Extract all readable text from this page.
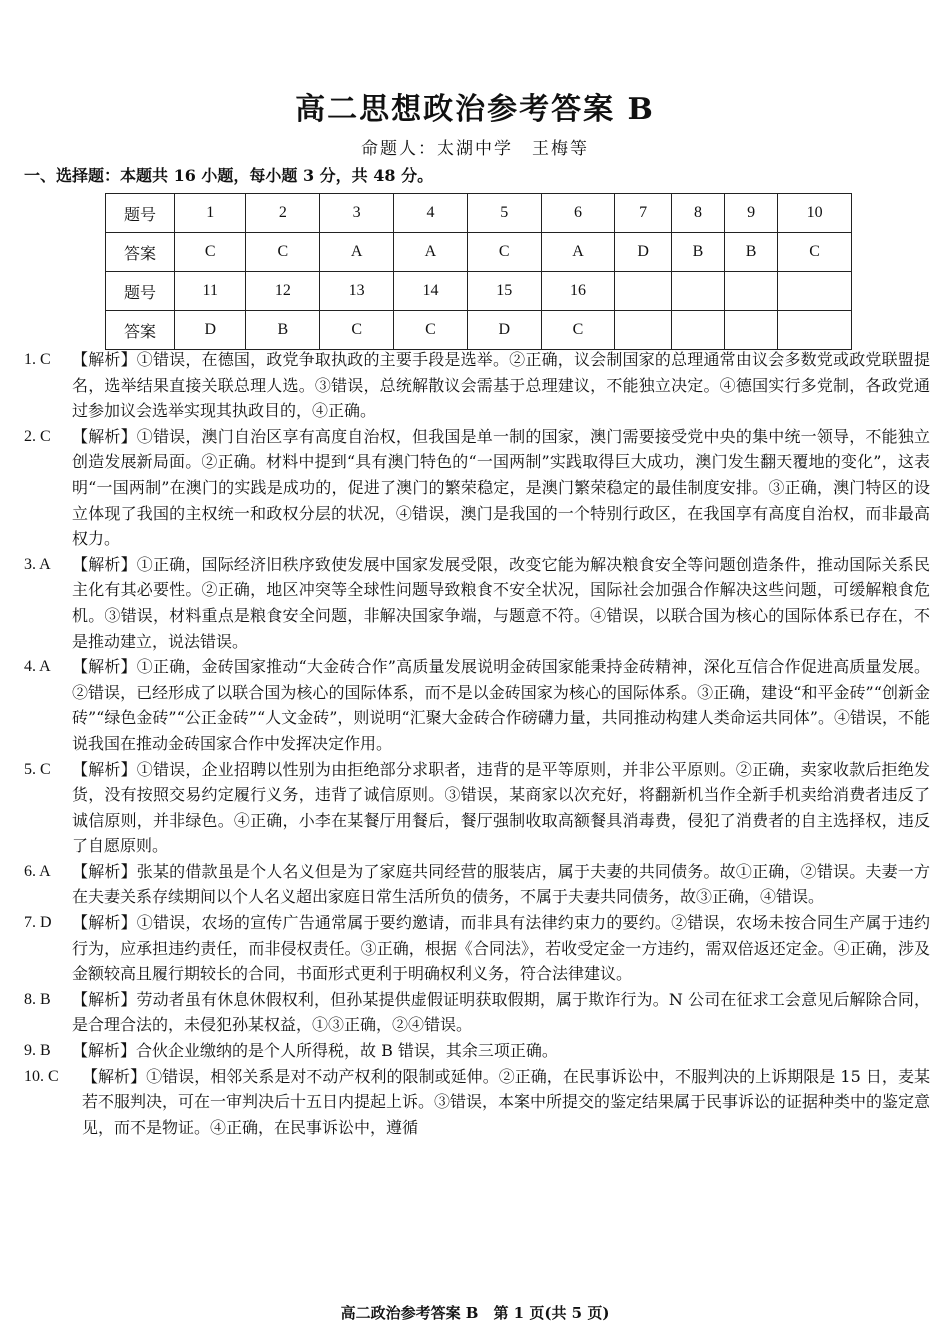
高二思想政治参考答案 B
命题人：太湖中学　王梅等
一、选择题：本题共 16 小题，每小题 3 分，共 48 分。
题号	1	2	3	4	5	6	7	8	9	10
答案	C	C	A	A	C	A	D	B	B	C
题号	11	12	13	14	15	16				
答案	D	B	C	C	D	C				
1. C	【解析】①错误，在德国，政党争取执政的主要手段是选举。②正确，议会制国家的总理通常由议会多数党或政党联盟提名，选举结果直接关联总理人选。③错误，总统解散议会需基于总理建议，不能独立决定。④德国实行多党制，各政党通过参加议会选举实现其执政目的，④正确。
2. C	【解析】①错误，澳门自治区享有高度自治权，但我国是单一制的国家，澳门需要接受党中央的集中统一领导，不能独立创造发展新局面。②正确。材料中提到“具有澳门特色的“一国两制”实践取得巨大成功，澳门发生翻天覆地的变化”，这表明“一国两制”在澳门的实践是成功的，促进了澳门的繁荣稳定，是澳门繁荣稳定的最佳制度安排。③正确，澳门特区的设立体现了我国的主权统一和政权分层的状况，④错误，澳门是我国的一个特别行政区，在我国享有高度自治权，而非最高权力。
3. A	【解析】①正确，国际经济旧秩序致使发展中国家发展受限，改变它能为解决粮食安全等问题创造条件，推动国际关系民主化有其必要性。②正确，地区冲突等全球性问题导致粮食不安全状况，国际社会加强合作解决这些问题，可缓解粮食危机。③错误，材料重点是粮食安全问题，非解决国家争端，与题意不符。④错误，以联合国为核心的国际体系已存在，不是推动建立，说法错误。
4. A	【解析】①正确，金砖国家推动“大金砖合作”高质量发展说明金砖国家能秉持金砖精神，深化互信合作促进高质量发展。②错误，已经形成了以联合国为核心的国际体系，而不是以金砖国家为核心的国际体系。③正确，建设“和平金砖”“创新金砖”“绿色金砖”“公正金砖”“人文金砖”，则说明“汇聚大金砖合作磅礴力量，共同推动构建人类命运共同体”。④错误，不能说我国在推动金砖国家合作中发挥决定作用。
5. C	【解析】①错误，企业招聘以性别为由拒绝部分求职者，违背的是平等原则，并非公平原则。②正确，卖家收款后拒绝发货，没有按照交易约定履行义务，违背了诚信原则。③错误，某商家以次充好，将翻新机当作全新手机卖给消费者违反了诚信原则，并非绿色。④正确，小李在某餐厅用餐后，餐厅强制收取高额餐具消毒费，侵犯了消费者的自主选择权，违反了自愿原则。
6. A	【解析】张某的借款虽是个人名义但是为了家庭共同经营的服装店，属于夫妻的共同债务。故①正确，②错误。夫妻一方在夫妻关系存续期间以个人名义超出家庭日常生活所负的债务，不属于夫妻共同债务，故③正确，④错误。
7. D	【解析】①错误，农场的宣传广告通常属于要约邀请，而非具有法律约束力的要约。②错误，农场未按合同生产属于违约行为，应承担违约责任，而非侵权责任。③正确，根据《合同法》，若收受定金一方违约，需双倍返还定金。④正确，涉及金额较高且履行期较长的合同，书面形式更利于明确权利义务，符合法律建议。
8. B	【解析】劳动者虽有休息休假权利，但孙某提供虚假证明获取假期，属于欺诈行为。N 公司在征求工会意见后解除合同，是合理合法的，未侵犯孙某权益，①③正确，②④错误。
9. B	【解析】合伙企业缴纳的是个人所得税，故 B 错误，其余三项正确。
10. C	【解析】①错误，相邻关系是对不动产权利的限制或延伸。②正确，在民事诉讼中，不服判决的上诉期限是 15 日，麦某若不服判决，可在一审判决后十五日内提起上诉。③错误，本案中所提交的鉴定结果属于民事诉讼的证据种类中的鉴定意见，而不是物证。④正确，在民事诉讼中，遵循
高二政治参考答案 B　第 1 页(共 5 页)
